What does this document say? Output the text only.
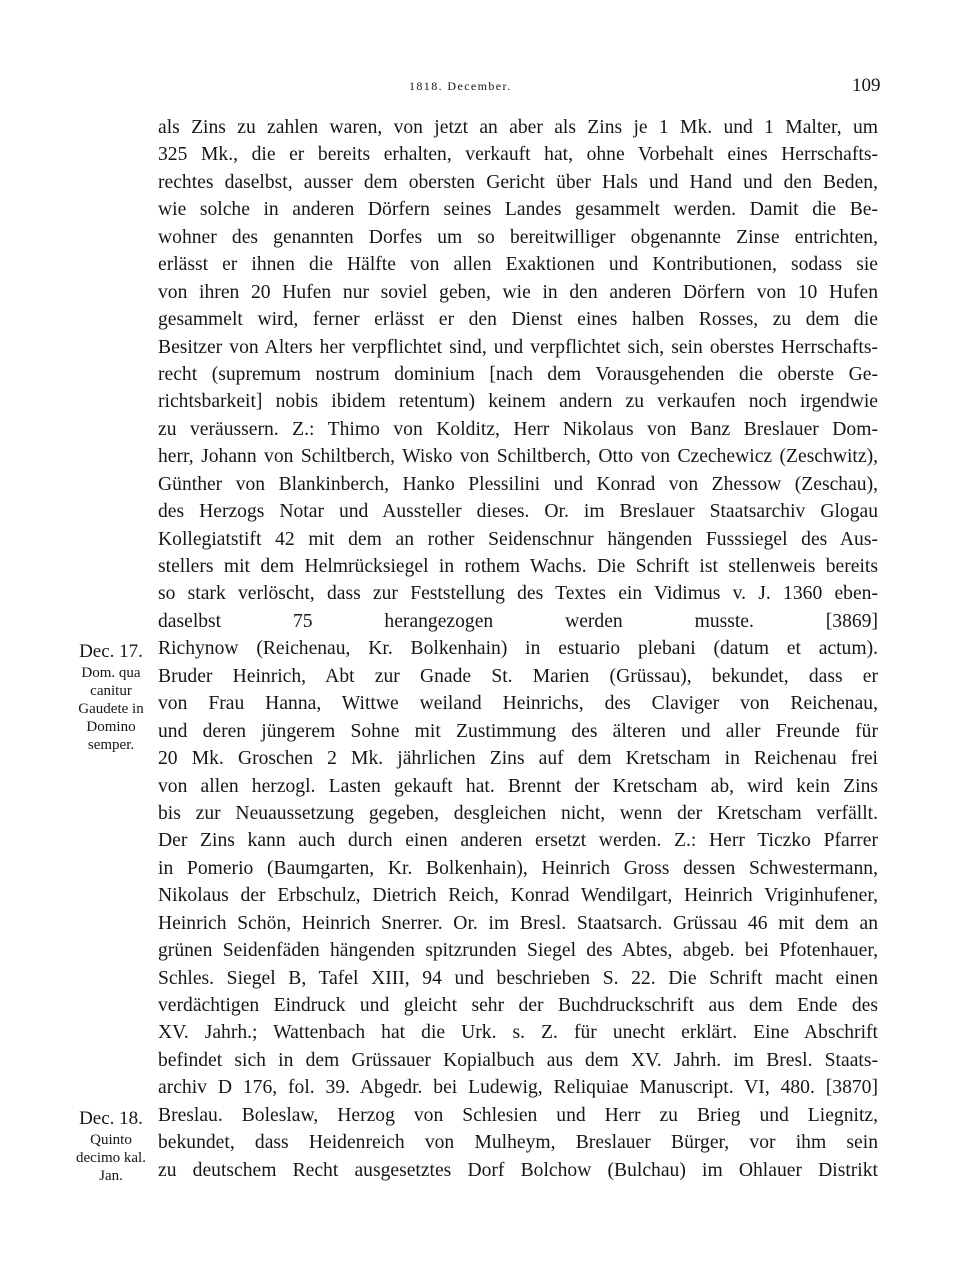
1818. December.	109
als Zins zu zahlen waren, von jetzt an aber als Zins je 1 Mk. und 1 Malter, um
325 Mk., die er bereits erhalten, verkauft hat, ohne Vorbehalt eines Herrschafts-
rechtes daselbst, ausser dem obersten Gericht über Hals und Hand und den Beden,
wie solche in anderen Dörfern seines Landes gesammelt werden. Damit die Be-
wohner des genannten Dorfes um so bereitwilliger obgenannte Zinse entrichten,
erlässt er ihnen die Hälfte von allen Exaktionen und Kontributionen, sodass sie
von ihren 20 Hufen nur soviel geben, wie in den anderen Dörfern von 10 Hufen
gesammelt wird, ferner erlässt er den Dienst eines halben Rosses, zu dem die
Besitzer von Alters her verpflichtet sind, und verpflichtet sich, sein oberstes Herrschafts-
recht (supremum nostrum dominium [nach dem Vorausgehenden die oberste Ge-
richtsbarkeit] nobis ibidem retentum) keinem andern zu verkaufen noch irgendwie
zu veräussern. Z.: Thimo von Kolditz, Herr Nikolaus von Banz Breslauer Dom-
herr, Johann von Schiltberch, Wisko von Schiltberch, Otto von Czechewicz (Zeschwitz),
Günther von Blankinberch, Hanko Plessilini und Konrad von Zhessow (Zeschau),
des Herzogs Notar und Aussteller dieses. Or. im Breslauer Staatsarchiv Glogau
Kollegiatstift 42 mit dem an rother Seidenschnur hängenden Fusssiegel des Aus-
stellers mit dem Helmrücksiegel in rothem Wachs. Die Schrift ist stellenweis bereits
so stark verlöscht, dass zur Feststellung des Textes ein Vidimus v. J. 1360 eben-
daselbst 75 herangezogen werden musste. [3869]
Richynow (Reichenau, Kr. Bolkenhain) in estuario plebani (datum et actum).
Bruder Heinrich, Abt zur Gnade St. Marien (Grüssau), bekundet, dass er
von Frau Hanna, Wittwe weiland Heinrichs, des Claviger von Reichenau,
und deren jüngerem Sohne mit Zustimmung des älteren und aller Freunde für
20 Mk. Groschen 2 Mk. jährlichen Zins auf dem Kretscham in Reichenau frei
von allen herzogl. Lasten gekauft hat. Brennt der Kretscham ab, wird kein Zins
bis zur Neuaussetzung gegeben, desgleichen nicht, wenn der Kretscham verfällt.
Der Zins kann auch durch einen anderen ersetzt werden. Z.: Herr Ticzko Pfarrer
in Pomerio (Baumgarten, Kr. Bolkenhain), Heinrich Gross dessen Schwestermann,
Nikolaus der Erbschulz, Dietrich Reich, Konrad Wendilgart, Heinrich Vriginhufener,
Heinrich Schön, Heinrich Snerrer. Or. im Bresl. Staatsarch. Grüssau 46 mit dem an
grünen Seidenfäden hängenden spitzrunden Siegel des Abtes, abgeb. bei Pfotenhauer,
Schles. Siegel B, Tafel XIII, 94 und beschrieben S. 22. Die Schrift macht einen
verdächtigen Eindruck und gleicht sehr der Buchdruckschrift aus dem Ende des
XV. Jahrh.; Wattenbach hat die Urk. s. Z. für unecht erklärt. Eine Abschrift
befindet sich in dem Grüssauer Kopialbuch aus dem XV. Jahrh. im Bresl. Staats-
archiv D 176, fol. 39. Abgedr. bei Ludewig, Reliquiae Manuscript. VI, 480. [3870]
Breslau. Boleslaw, Herzog von Schlesien und Herr zu Brieg und Liegnitz,
bekundet, dass Heidenreich von Mulheym, Breslauer Bürger, vor ihm sein
zu deutschem Recht ausgesetztes Dorf Bolchow (Bulchau) im Ohlauer Distrikt
Dec. 17.
Dom. qua
canitur
Gaudete in
Domino
semper.
Dec. 18.
Quinto
decimo kal.
Jan.
